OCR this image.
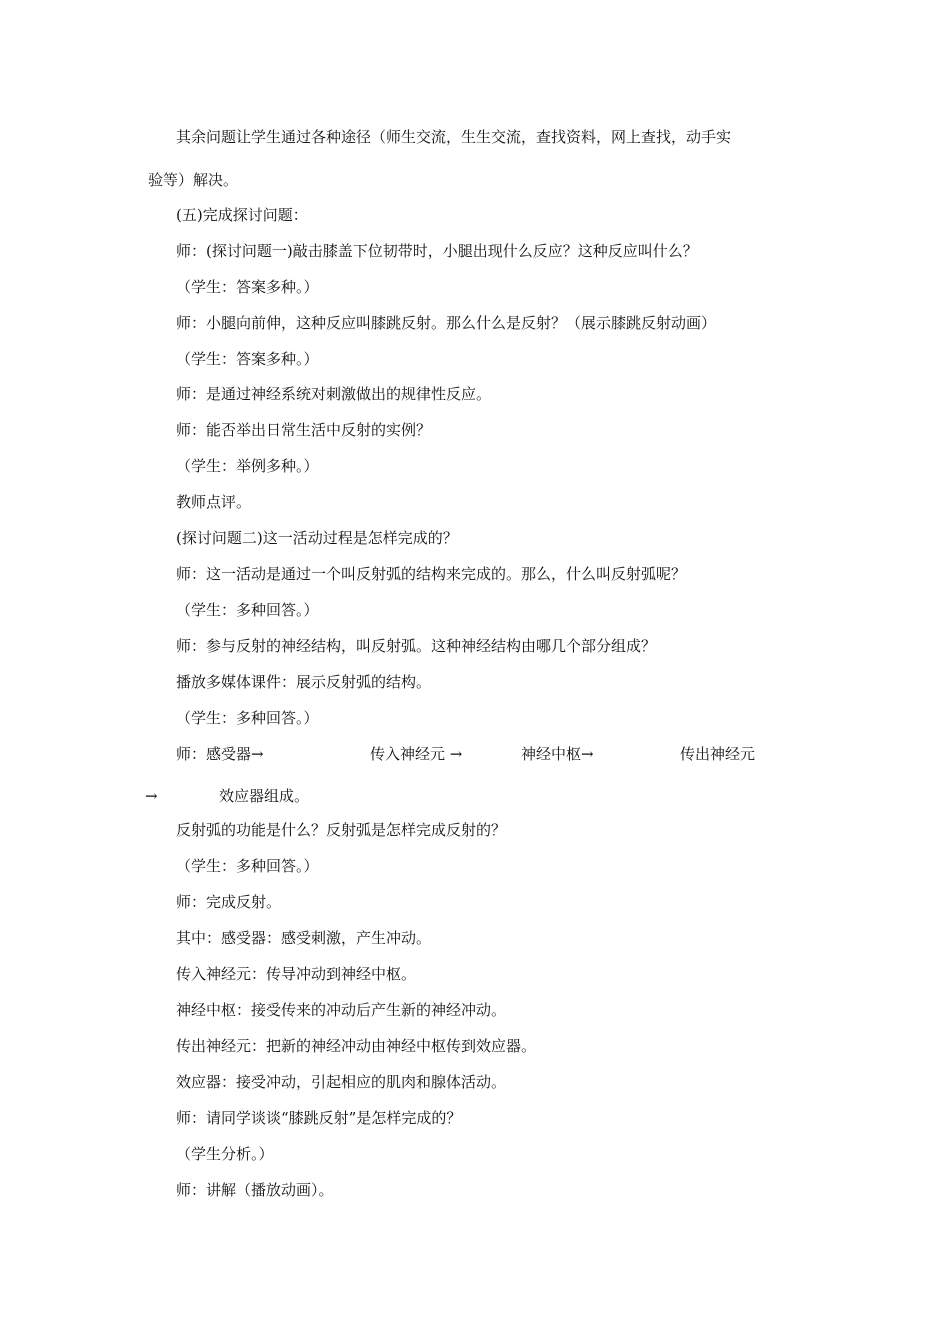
其余问题让学生通过各种途径（师生交流，生生交流，查找资料，网上查找，动手实
验等）解决。
(五)完成探讨问题：
师：(探讨问题一)敲击膝盖下位韧带时，小腿出现什么反应？这种反应叫什么？
（学生：答案多种。）
师：小腿向前伸，这种反应叫膝跳反射。那么什么是反射？（展示膝跳反射动画）
（学生：答案多种。）
师：是通过神经系统对刺激做出的规律性反应。
师：能否举出日常生活中反射的实例？
（学生：举例多种。）
教师点评。
(探讨问题二)这一活动过程是怎样完成的？
师：这一活动是通过一个叫反射弧的结构来完成的。那么，什么叫反射弧呢？
（学生：多种回答。）
师：参与反射的神经结构，叫反射弧。这种神经结构由哪几个部分组成？
播放多媒体课件：展示反射弧的结构。
（学生：多种回答。）
师：感受器→	传入神经元 →	神经中枢→	传出神经元
→	效应器组成。
反射弧的功能是什么？反射弧是怎样完成反射的？
（学生：多种回答。）
师：完成反射。
其中：感受器：感受刺激，产生冲动。
传入神经元：传导冲动到神经中枢。
神经中枢：接受传来的冲动后产生新的神经冲动。
传出神经元：把新的神经冲动由神经中枢传到效应器。
效应器：接受冲动，引起相应的肌肉和腺体活动。
师：请同学谈谈“膝跳反射”是怎样完成的？
（学生分析。）
师：讲解（播放动画）。
